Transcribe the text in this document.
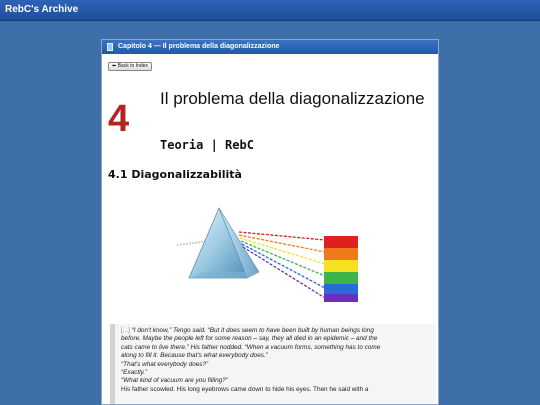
RebC's Archive
Capitolo 4 — Il problema della diagonalizzazione
⬅ Back to Index
4 Il problema della diagonalizzazione
Teoria | RebC
4.1 Diagonalizzabilità
[...] “I don't know,” Tengo said. “But it does seem to have been built by human beings long
before. Maybe the people left for some reason – say, they all died in an epidemic – and the
cats came to live there.” His father nodded. “When a vacuum forms, something has to come
along to fill it. Because that's what everybody does.”
“That's what everybody does?”
“Exactly.”
“What kind of vacuum are you filling?”
His father scowled. His long eyebrows came down to hide his eyes. Then he said with a
